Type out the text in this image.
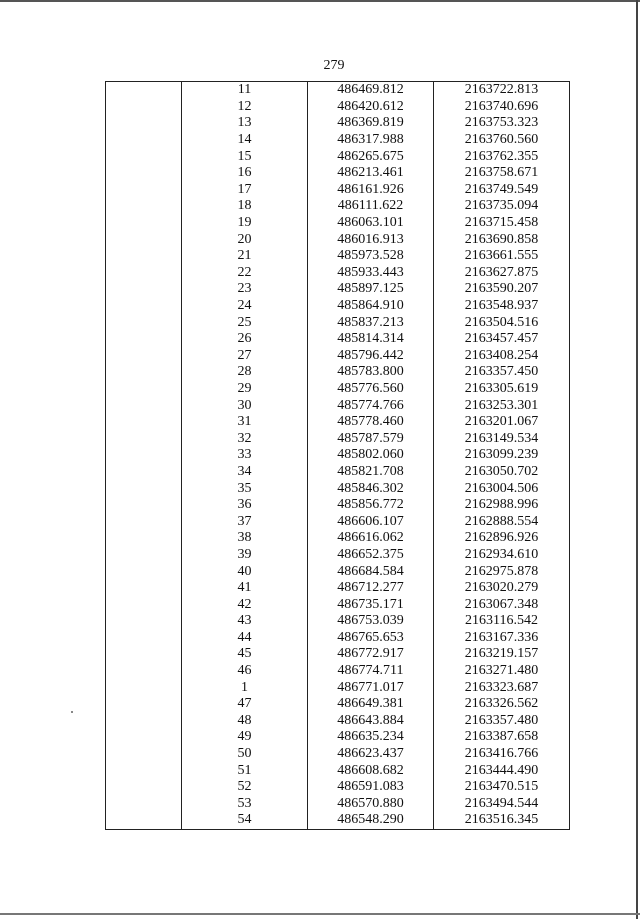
279
	11	486469.812	2163722.813
	12	486420.612	2163740.696
	13	486369.819	2163753.323
	14	486317.988	2163760.560
	15	486265.675	2163762.355
	16	486213.461	2163758.671
	17	486161.926	2163749.549
	18	486111.622	2163735.094
	19	486063.101	2163715.458
	20	486016.913	2163690.858
	21	485973.528	2163661.555
	22	485933.443	2163627.875
	23	485897.125	2163590.207
	24	485864.910	2163548.937
	25	485837.213	2163504.516
	26	485814.314	2163457.457
	27	485796.442	2163408.254
	28	485783.800	2163357.450
	29	485776.560	2163305.619
	30	485774.766	2163253.301
	31	485778.460	2163201.067
	32	485787.579	2163149.534
	33	485802.060	2163099.239
	34	485821.708	2163050.702
	35	485846.302	2163004.506
	36	485856.772	2162988.996
	37	486606.107	2162888.554
	38	486616.062	2162896.926
	39	486652.375	2162934.610
	40	486684.584	2162975.878
	41	486712.277	2163020.279
	42	486735.171	2163067.348
	43	486753.039	2163116.542
	44	486765.653	2163167.336
	45	486772.917	2163219.157
	46	486774.711	2163271.480
	1	486771.017	2163323.687
	47	486649.381	2163326.562
	48	486643.884	2163357.480
	49	486635.234	2163387.658
	50	486623.437	2163416.766
	51	486608.682	2163444.490
	52	486591.083	2163470.515
	53	486570.880	2163494.544
	54	486548.290	2163516.345
